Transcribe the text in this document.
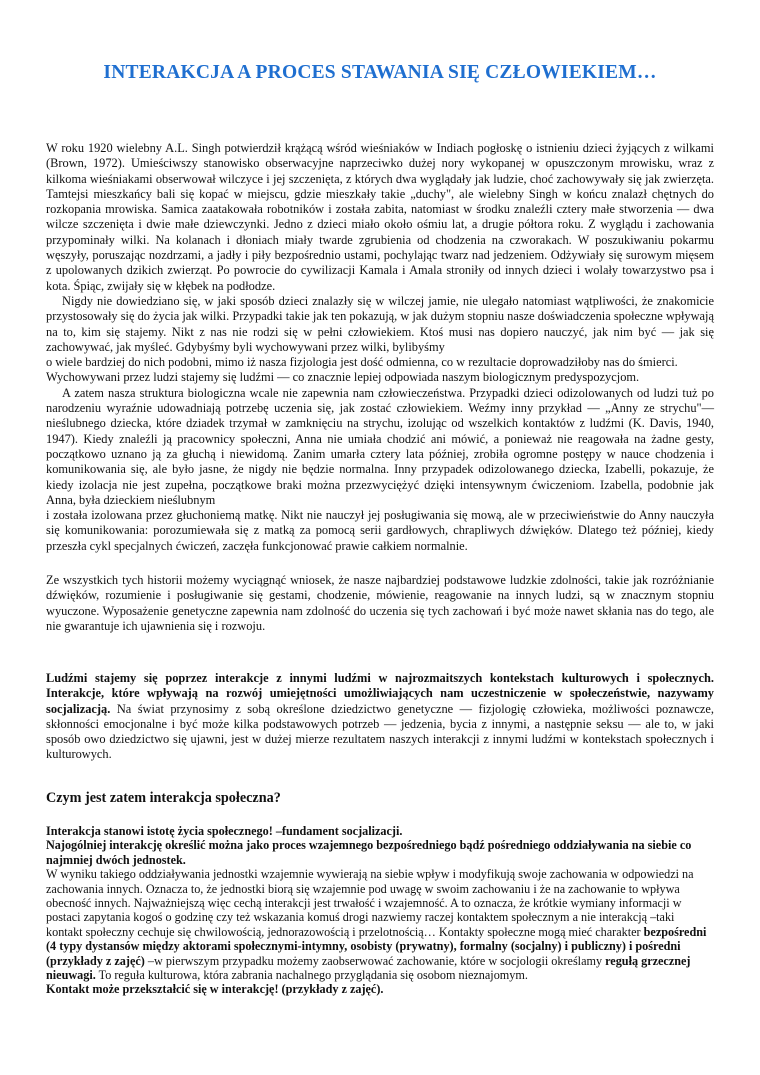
INTERAKCJA A PROCES STAWANIA SIĘ CZŁOWIEKIEM…

W roku 1920 wielebny A.L. Singh potwierdził krążącą wśród wieśniaków w Indiach pogłoskę o istnieniu dzieci żyjących z wilkami (Brown, 1972). Umieściwszy stanowisko obserwacyjne naprzeciwko dużej nory wykopanej w opuszczonym mrowisku, wraz z kilkoma wieśniakami obserwował wilczyce i jej szczenięta, z których dwa wyglądały jak ludzie, choć zachowywały się jak zwierzęta. Tamtejsi mieszkańcy bali się kopać w miejscu, gdzie mieszkały takie „duchy", ale wielebny Singh w końcu znalazł chętnych do rozkopania mrowiska. Samica zaatakowała robotników i została zabita, natomiast w środku znaleźli cztery małe stworzenia — dwa wilcze szczenięta i dwie małe dziewczynki. Jedno z dzieci miało około ośmiu lat, a drugie półtora roku. Z wyglądu i zachowania przypominały wilki. Na kolanach i dłoniach miały twarde zgrubienia od chodzenia na czworakach. W poszukiwaniu pokarmu węszyły, poruszając nozdrzami, a jadły i piły bezpośrednio ustami, pochylając twarz nad jedzeniem. Odżywiały się surowym mięsem z upolowanych dzikich zwierząt. Po powrocie do cywilizacji Kamala i Amala stroniły od innych dzieci i wolały towarzystwo psa i kota. Śpiąc, zwijały się w kłębek na podłodze.

Nigdy nie dowiedziano się, w jaki sposób dzieci znalazły się w wilczej jamie, nie ulegało natomiast wątpliwości, że znakomicie przystosowały się do życia jak wilki. Przypadki takie jak ten pokazują, w jak dużym stopniu nasze doświadczenia społeczne wpływają na to, kim się stajemy. Nikt z nas nie rodzi się w pełni człowiekiem. Ktoś musi nas dopiero nauczyć, jak nim być — jak się zachowywać, jak myśleć. Gdybyśmy byli wychowywani przez wilki, bylibyśmy

o wiele bardziej do nich podobni, mimo iż nasza fizjologia jest dość odmienna, co w rezultacie doprowadziłoby nas do śmierci.

Wychowywani przez ludzi stajemy się ludźmi — co znacznie lepiej odpowiada naszym biologicznym predyspozycjom.

A zatem nasza struktura biologiczna wcale nie zapewnia nam człowieczeństwa. Przypadki dzieci odizolowanych od ludzi tuż po narodzeniu wyraźnie udowadniają potrzebę uczenia się, jak zostać człowiekiem. Weźmy inny przykład — „Anny ze strychu"— nieślubnego dziecka, które dziadek trzymał w zamknięciu na strychu, izolując od wszelkich kontaktów z ludźmi (K. Davis, 1940, 1947). Kiedy znaleźli ją pracownicy społeczni, Anna nie umiała chodzić ani mówić, a ponieważ nie reagowała na żadne gesty, początkowo uznano ją za głuchą i niewidomą. Zanim umarła cztery lata później, zrobiła ogromne postępy w nauce chodzenia i komunikowania się, ale było jasne, że nigdy nie będzie normalna. Inny przypadek odizolowanego dziecka, Izabelli, pokazuje, że kiedy izolacja nie jest zupełna, początkowe braki można przezwyciężyć dzięki intensywnym ćwiczeniom. Izabella, podobnie jak Anna, była dzieckiem nieślubnym

i została izolowana przez głuchoniemą matkę. Nikt nie nauczył jej posługiwania się mową, ale w przeciwieństwie do Anny nauczyła się komunikowania: porozumiewała się z matką za pomocą serii gardłowych, chrapliwych dźwięków. Dlatego też później, kiedy przeszła cykl specjalnych ćwiczeń, zaczęła funkcjonować prawie całkiem normalnie.

Ze wszystkich tych historii możemy wyciągnąć wniosek, że nasze najbardziej podstawowe ludzkie zdolności, takie jak rozróżnianie dźwięków, rozumienie i posługiwanie się gestami, chodzenie, mówienie, reagowanie na innych ludzi, są w znacznym stopniu wyuczone. Wyposażenie genetyczne zapewnia nam zdolność do uczenia się tych zachowań i być może nawet skłania nas do tego, ale nie gwarantuje ich ujawnienia się i rozwoju.

Ludźmi stajemy się poprzez interakcje z innymi ludźmi w najrozmaitszych kontekstach kulturowych i społecznych. Interakcje, które wpływają na rozwój umiejętności umożliwiających nam uczestniczenie w społeczeństwie, nazywamy socjalizacją. Na świat przynosimy z sobą określone dziedzictwo genetyczne — fizjologię człowieka, możliwości poznawcze, skłonności emocjonalne i być może kilka podstawowych potrzeb — jedzenia, bycia z innymi, a następnie seksu — ale to, w jaki sposób owo dziedzictwo się ujawni, jest w dużej mierze rezultatem naszych interakcji z innymi ludźmi w kontekstach społecznych i kulturowych.

Czym jest zatem interakcja społeczna?

Interakcja stanowi istotę życia społecznego! –fundament socjalizacji.

Najogólniej interakcję określić można jako proces wzajemnego bezpośredniego bądź pośredniego oddziaływania na siebie co najmniej dwóch jednostek.

W wyniku takiego oddziaływania jednostki wzajemnie wywierają na siebie wpływ i modyfikują swoje zachowania w odpowiedzi na zachowania innych. Oznacza to, że jednostki biorą się wzajemnie pod uwagę w swoim zachowaniu i że na zachowanie to wpływa obecność innych. Najważniejszą więc cechą interakcji jest trwałość i wzajemność. A to oznacza, że krótkie wymiany informacji w postaci zapytania kogoś o godzinę czy też wskazania komuś drogi nazwiemy raczej kontaktem społecznym a nie interakcją –taki kontakt społeczny cechuje się chwilowością, jednorazowością i przelotnością… Kontakty społeczne mogą mieć charakter bezpośredni (4 typy dystansów między aktorami społecznymi-intymny, osobisty (prywatny), formalny (socjalny) i publiczny) i pośredni (przykłady z zajęć) –w pierwszym przypadku możemy zaobserwować zachowanie, które w socjologii określamy regułą grzecznej nieuwagi. To reguła kulturowa, która zabrania nachalnego przyglądania się osobom nieznajomym.

Kontakt może przekształcić się w interakcję! (przykłady z zajęć).
